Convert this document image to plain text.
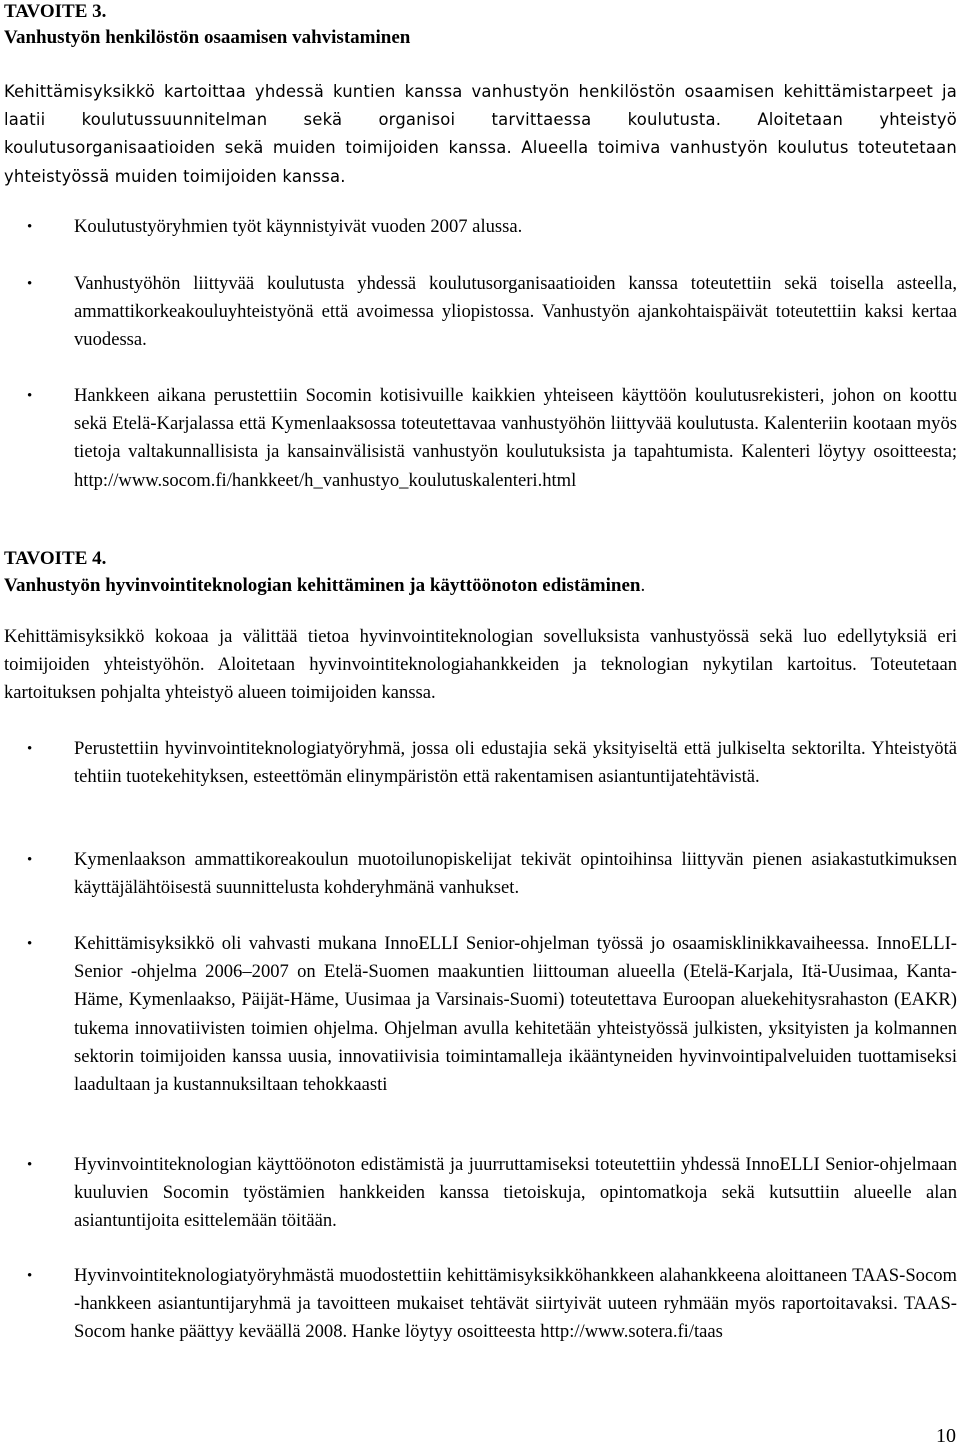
TAVOITE 3.
Vanhustyön henkilöstön osaamisen vahvistaminen

Kehittämisyksikkö kartoittaa yhdessä kuntien kanssa vanhustyön henkilöstön osaamisen kehittämistarpeet ja laatii koulutussuunnitelman sekä organisoi tarvittaessa koulutusta. Aloitetaan yhteistyö koulutusorganisaatioiden sekä muiden toimijoiden kanssa. Alueella toimiva vanhustyön koulutus toteutetaan yhteistyössä muiden toimijoiden kanssa.

•	Koulutustyöryhmien työt käynnistyivät vuoden 2007 alussa.

•	Vanhustyöhön liittyvää koulutusta yhdessä koulutusorganisaatioiden kanssa toteutettiin sekä toisella asteella, ammattikorkeakouluyhteistyönä että avoimessa yliopistossa. Vanhustyön ajankohtaispäivät toteutettiin kaksi kertaa vuodessa.

•	Hankkeen aikana perustettiin Socomin kotisivuille kaikkien yhteiseen käyttöön koulutusrekisteri, johon on koottu sekä Etelä-Karjalassa että Kymenlaaksossa toteutettavaa vanhustyöhön liittyvää koulutusta. Kalenteriin kootaan myös tietoja valtakunnallisista ja kansainvälisistä vanhustyön koulutuksista ja tapahtumista. Kalenteri löytyy osoitteesta; http://www.socom.fi/hankkeet/h_vanhustyo_koulutuskalenteri.html

TAVOITE 4.
Vanhustyön hyvinvointiteknologian kehittäminen ja käyttöönoton edistäminen.

Kehittämisyksikkö kokoaa ja välittää tietoa hyvinvointiteknologian sovelluksista vanhustyössä sekä luo edellytyksiä eri toimijoiden yhteistyöhön. Aloitetaan hyvinvointiteknologiahankkeiden ja teknologian nykytilan kartoitus. Toteutetaan kartoituksen pohjalta yhteistyö alueen toimijoiden kanssa.

•	Perustettiin hyvinvointiteknologiatyöryhmä, jossa oli edustajia sekä yksityiseltä että julkiselta sektorilta. Yhteistyötä tehtiin tuotekehityksen, esteettömän elinympäristön että rakentamisen asiantuntijatehtävistä.

•	Kymenlaakson ammattikoreakoulun muotoilunopiskelijat tekivät opintoihinsa liittyvän pienen asiakastutkimuksen käyttäjälähtöisestä suunnittelusta kohderyhmänä vanhukset.

•	Kehittämisyksikkö oli vahvasti mukana InnoELLI Senior-ohjelman työssä jo osaamisklinikkavaiheessa. InnoELLI-Senior -ohjelma 2006–2007 on Etelä-Suomen maakuntien liittouman alueella (Etelä-Karjala, Itä-Uusimaa, Kanta-Häme, Kymenlaakso, Päijät-Häme, Uusimaa ja Varsinais-Suomi) toteutettava Euroopan aluekehitysrahaston (EAKR) tukema innovatiivisten toimien ohjelma. Ohjelman avulla kehitetään yhteistyössä julkisten, yksityisten ja kolmannen sektorin toimijoiden kanssa uusia, innovatiivisia toimintamalleja ikääntyneiden hyvinvointipalveluiden tuottamiseksi laadultaan ja kustannuksiltaan tehokkaasti

•	Hyvinvointiteknologian käyttöönoton edistämistä ja juurruttamiseksi toteutettiin yhdessä InnoELLI Senior-ohjelmaan kuuluvien Socomin työstämien hankkeiden kanssa tietoiskuja, opintomatkoja sekä kutsuttiin alueelle alan asiantuntijoita esittelemään töitään.

•	Hyvinvointiteknologiatyöryhmästä muodostettiin kehittämisyksikköhankkeen alahankkeena aloittaneen TAAS-Socom -hankkeen asiantuntijaryhmä ja tavoitteen mukaiset tehtävät siirtyivät uuteen ryhmään myös raportoitavaksi. TAAS-Socom hanke päättyy keväällä 2008. Hanke löytyy osoitteesta http://www.sotera.fi/taas

10
